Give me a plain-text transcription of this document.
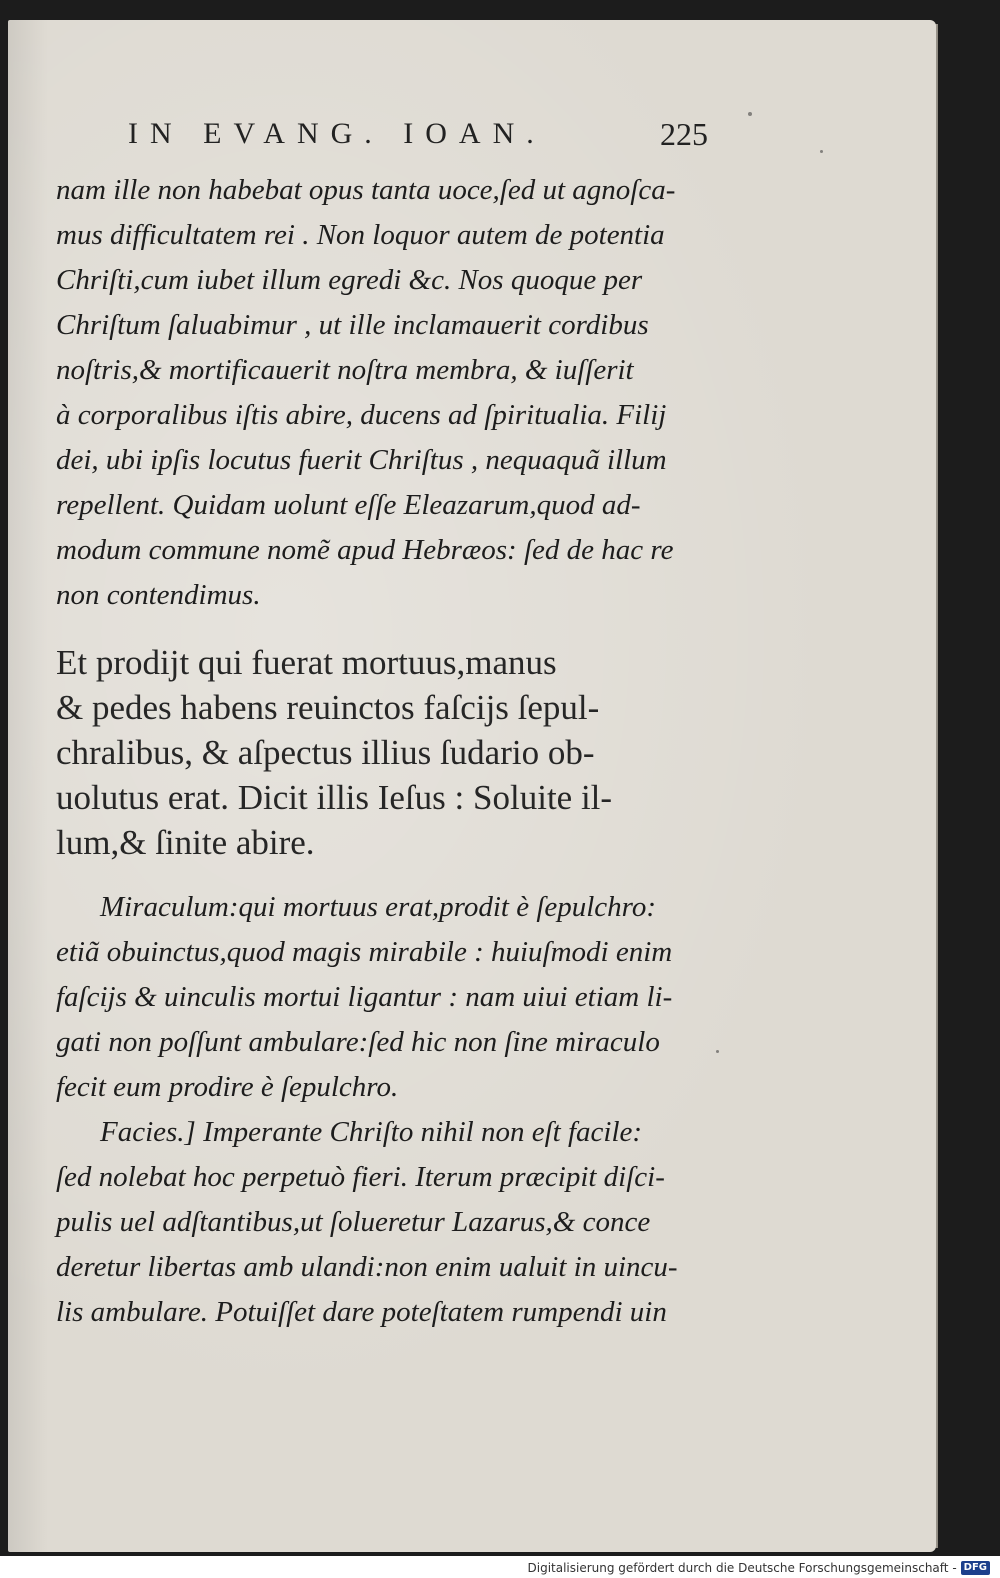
IN EVANG. IOAN.	225

nam ille non habebat opus tanta uoce,ſed ut agnoſca-
mus difficultatem rei . Non loquor autem de potentia
Chriſti,cum iubet illum egredi &c. Nos quoque per
Chriſtum ſaluabimur , ut ille inclamauerit cordibus
noſtris,& mortificauerit noſtra membra, & iuſſerit
à corporalibus iſtis abire, ducens ad ſpiritualia. Filij
dei, ubi ipſis locutus fuerit Chriſtus , nequaquã illum
repellent. Quidam uolunt eſſe Eleazarum,quod ad-
modum commune nomẽ apud Hebræos: ſed de hac re
non contendimus.

Et prodijt qui fuerat mortuus,manus
& pedes habens reuinctos faſcijs ſepul-
chralibus, & aſpectus illius ſudario ob-
uolutus erat. Dicit illis Ieſus : Soluite il-
lum,& ſinite abire.

Miraculum:qui mortuus erat,prodit è ſepulchro:
etiã obuinctus,quod magis mirabile : huiuſmodi enim
faſcijs & uinculis mortui ligantur : nam uiui etiam li-
gati non poſſunt ambulare:ſed hic non ſine miraculo
fecit eum prodire è ſepulchro.

Facies.] Imperante Chriſto nihil non eſt facile:
ſed nolebat hoc perpetuò fieri. Iterum præcipit diſci-
pulis uel adſtantibus,ut ſolueretur Lazarus,& conce
deretur libertas amb ulandi:non enim ualuit in uincu-
lis ambulare. Potuiſſet dare poteſtatem rumpendi uin

Digitalisierung gefördert durch die Deutsche Forschungsgemeinschaft - DFG
